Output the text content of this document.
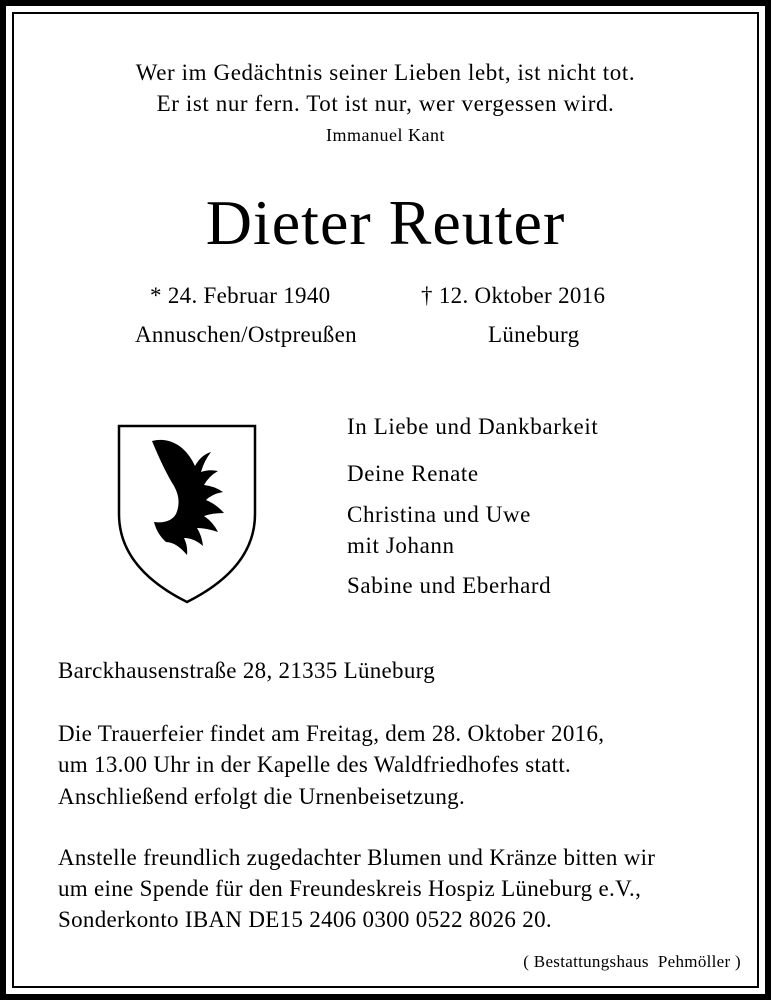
Wer im Gedächtnis seiner Lieben lebt, ist nicht tot.
Er ist nur fern. Tot ist nur, wer vergessen wird.
Immanuel Kant
Dieter Reuter
* 24. Februar 1940
Annuschen/Ostpreußen
† 12. Oktober 2016
Lüneburg
In Liebe und Dankbarkeit
Deine Renate
Christina und Uwe
mit Johann
Sabine und Eberhard
Barckhausenstraße 28, 21335 Lüneburg
Die Trauerfeier findet am Freitag, dem 28. Oktober 2016,
um 13.00 Uhr in der Kapelle des Waldfriedhofes statt.
Anschließend erfolgt die Urnenbeisetzung.
Anstelle freundlich zugedachter Blumen und Kränze bitten wir
um eine Spende für den Freundeskreis Hospiz Lüneburg e.V.,
Sonderkonto IBAN DE15 2406 0300 0522 8026 20.
( Bestattungshaus  Pehmöller )
